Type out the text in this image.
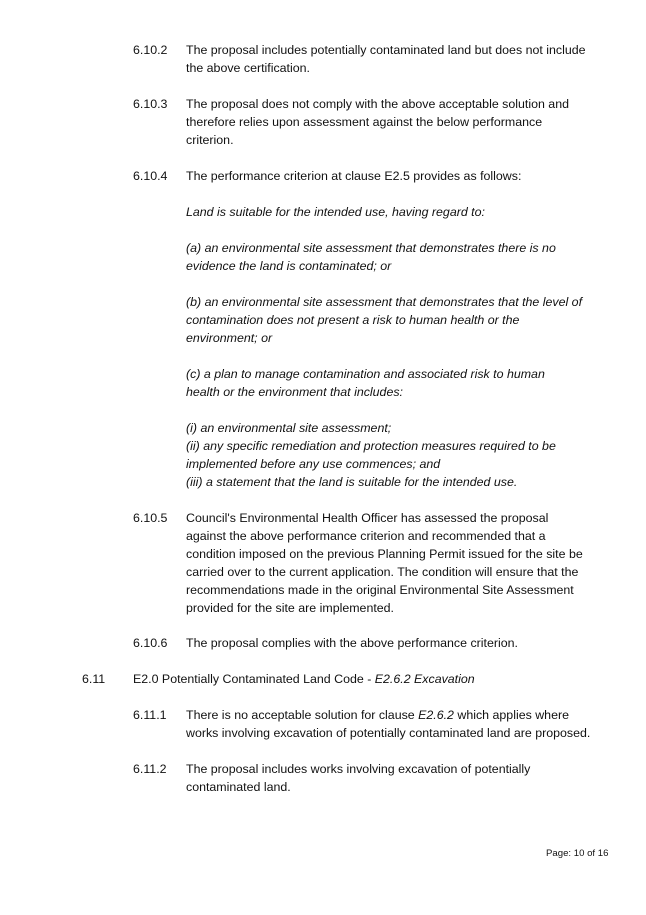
6.10.2 The proposal includes potentially contaminated land but does not include
the above certification.
6.10.3 The proposal does not comply with the above acceptable solution and
therefore relies upon assessment against the below performance
criterion.
6.10.4 The performance criterion at clause E2.5 provides as follows:
Land is suitable for the intended use, having regard to:
(a) an environmental site assessment that demonstrates there is no
evidence the land is contaminated; or
(b) an environmental site assessment that demonstrates that the level of
contamination does not present a risk to human health or the
environment; or
(c) a plan to manage contamination and associated risk to human
health or the environment that includes:
(i) an environmental site assessment;
(ii) any specific remediation and protection measures required to be
implemented before any use commences; and
(iii) a statement that the land is suitable for the intended use.
6.10.5 Council's Environmental Health Officer has assessed the proposal
against the above performance criterion and recommended that a
condition imposed on the previous Planning Permit issued for the site be
carried over to the current application. The condition will ensure that the
recommendations made in the original Environmental Site Assessment
provided for the site are implemented.
6.10.6 The proposal complies with the above performance criterion.
6.11 E2.0 Potentially Contaminated Land Code - E2.6.2 Excavation
6.11.1 There is no acceptable solution for clause E2.6.2 which applies where
works involving excavation of potentially contaminated land are proposed.
6.11.2 The proposal includes works involving excavation of potentially
contaminated land.
Page: 10 of 16
